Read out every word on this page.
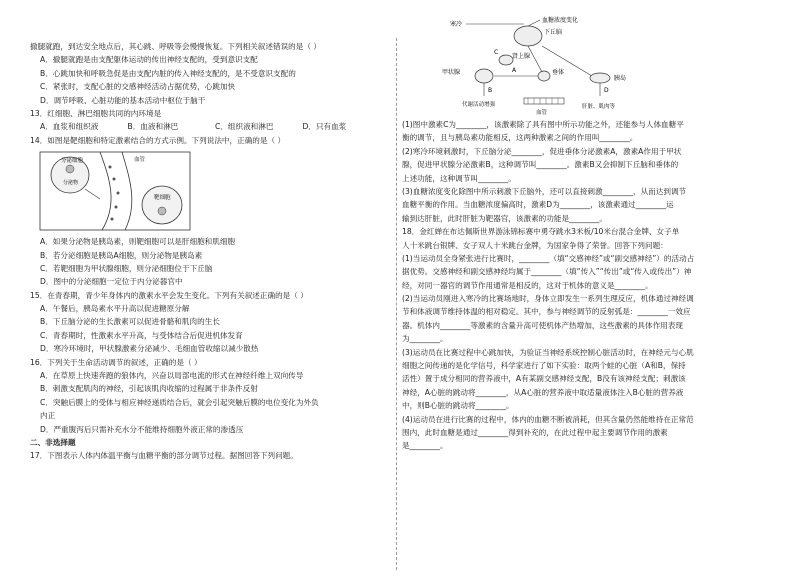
撤腿就跑，到达安全地点后，其心跳、呼吸等会慢慢恢复。下列相关叙述错误的是（ ）
A．撤腿就跑是由支配躯体运动的传出神经支配的，受到意识支配
B．心跳加快和呼吸急促是由支配内脏的传入神经支配的，是不受意识支配的
C．紧张时，支配心脏的交感神经活动占据优势，心跳加快
D．调节呼吸、心脏功能的基本活动中枢位于脑干
13．红细胞、淋巴细胞共同的内环境是
A．血浆和组织液	B．血液和淋巴	C．组织液和淋巴	D．只有血浆
14．如图是靶细胞和特定激素结合的方式示例。下列说法中，正确的是（ ）
分泌细胞
分泌物
血管
靶细胞
A．如果分泌物是胰岛素，则靶细胞可以是肝细胞和肌细胞
B．若分泌细胞是胰岛A细胞，则分泌物是胰岛素
C．若靶细胞为甲状腺细胞，则分泌细胞位于下丘脑
D．图中的分泌细胞一定位于内分泌器官中
15．在青春期，青少年身体内的激素水平会发生变化。下列有关叙述正确的是（ ）
A．午餐后，胰岛素水平升高以促进糖原分解
B．下丘脑分泌的生长激素可以促进骨骼和肌肉的生长
C．青春期时，性激素水平升高，与受体结合后促进机体发育
D．寒冷环境时，甲状腺激素分泌减少、毛细血管收缩以减少散热
16．下列关于生命活动调节的叙述，正确的是（ ）
A．在草原上快速奔跑的狼体内，兴奋以局部电流的形式在神经纤维上双向传导
B．刺激支配肌肉的神经，引起该肌肉收缩的过程属于非条件反射
C．突触后膜上的受体与相应神经递质结合后，就会引起突触后膜的电位变化为外负
内正
D．严重腹泻后只需补充水分不能维持细胞外液正常的渗透压
二、非选择题
17．下图表示人体内体温平衡与血糖平衡的部分调节过程。据图回答下列问题。
寒冷
血糖浓度变化
下丘脑
垂体
A
甲状腺
肾上腺
C
B
代谢活动增强
胰岛
D
肝脏、肌肉等
血管
(1)图中激素C为________，该激素除了具有图中所示功能之外，还能参与人体血糖平
衡的调节，且与胰岛素功能相反，这两种激素之间的作用叫________。
(2)寒冷环境刺激时，下丘脑分泌________，促进垂体分泌激素A，激素A作用于甲状
腺，促进甲状腺分泌激素B，这种调节叫________。激素B又会抑制下丘脑和垂体的
上述功能，这种调节叫________。
(3)血糖浓度变化除图中所示刺激下丘脑外，还可以直接刺激________，从而达到调节
血糖平衡的作用。当血糖浓度偏高时，激素D为________，该激素通过________运
输到达肝脏，此时肝脏为靶器官，该激素的功能是________。
18．金红婵在布达佩斯世界游泳锦标赛中勇夺跳水3米板/10米台混合金牌、女子单
人十米跳台银牌、女子双人十米跳台金牌，为国家争得了荣誉。回答下列问题：
(1)当运动员全身紧张进行比赛时，________（填“交感神经”或“副交感神经”）的活动占
据优势。交感神经和副交感神经均属于________（填“传入”“传出”或“传入或传出”）神
经，对同一器官的调节作用通常是相反的，这对于机体的意义是________。
(2)当运动员刚进入寒冷的比赛场地时，身体立即发生一系列生理反应，机体通过神经调
节和体液调节维持体温的相对稳定。其中，参与神经调节的反射弧是：________一效应
器。机体内________等激素的含量升高可使机体产热增加，这些激素的具体作用表现
为________。
(3)运动员在比赛过程中心跳加快，为验证当神经系统控制心脏活动时，在神经元与心肌
细胞之间传递的是化学信号，科学家进行了如下实验：取两个蛙的心脏（A和B，保持
活性）置于成分相同的营养液中，A有某副交感神经支配，B没有该神经支配；刺激该
神经，A心脏的跳动将________，从A心脏的营养液中取适量液体注入B心脏的营养液
中，则B心脏的跳动将________。
(4)运动员在进行比赛的过程中，体内的血糖不断被消耗，但其含量仍然能维持在正常范
围内，此时血糖是通过________得到补充的，在此过程中起主要调节作用的激素
是________。
